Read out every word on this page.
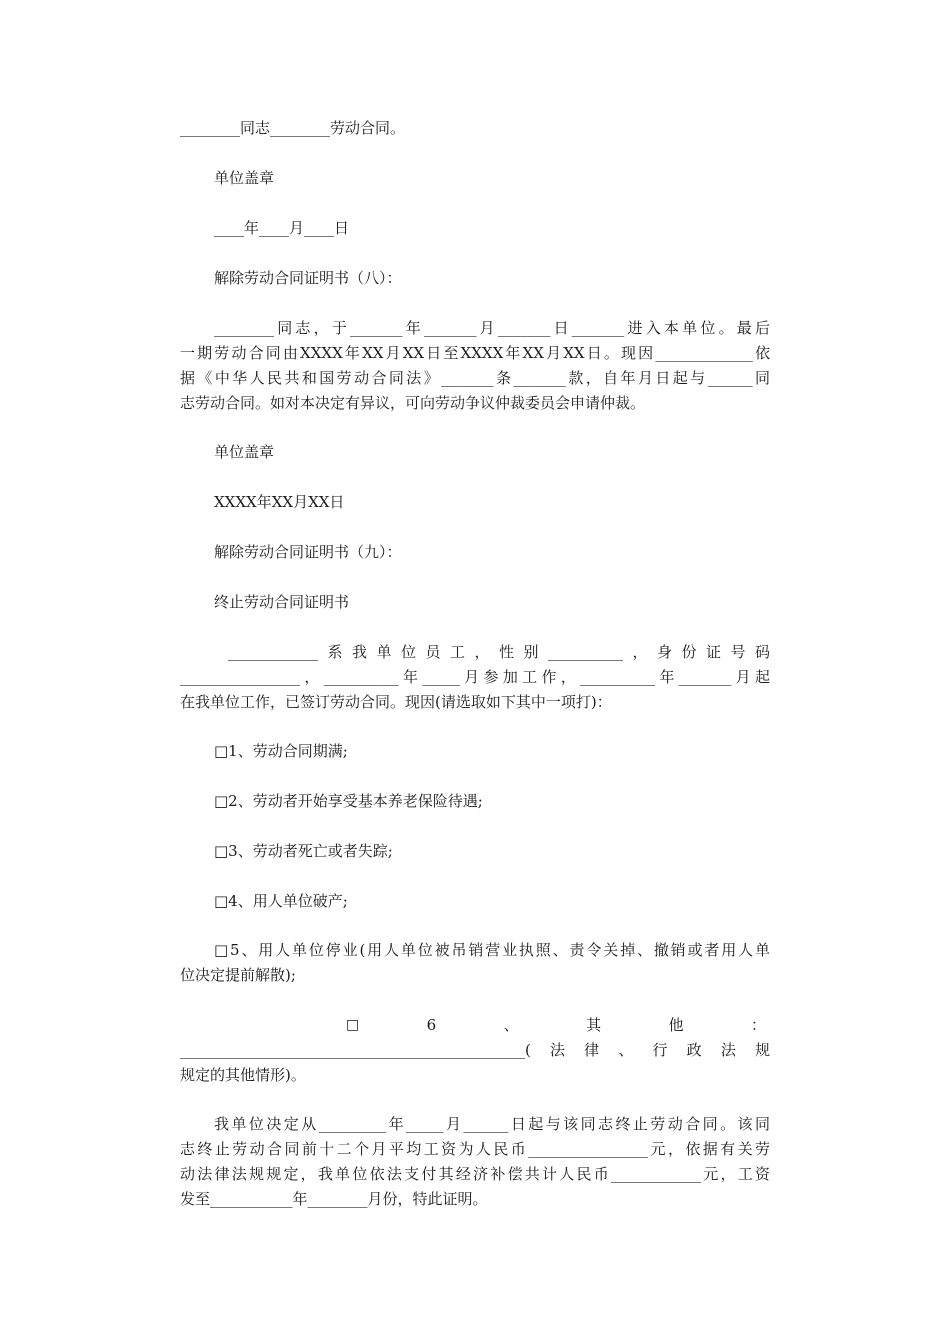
________同志________劳动合同。

单位盖章

____年____月____日

解除劳动合同证明书（八）：

________同志，于_______年_______月_______日_______进入本单位。最后

一期劳动合同由XXXX年XX月XX日至XXXX年XX月XX日。现因_____________依

据《中华人民共和国劳动合同法》_______条_______款，自年月日起与______同

志劳动合同。如对本决定有异议，可向劳动争议仲裁委员会申请仲裁。

单位盖章

XXXX年XX月XX日

解除劳动合同证明书（九）：

终止劳动合同证明书

____________系我单位员工，性别__________，身份证号码

________________，__________年_____月参加工作，__________年_______月起

在我单位工作，已签订劳动合同。现因(请选取如下其中一项打)：

□1、劳动合同期满;

□2、劳动者开始享受基本养老保险待遇;

□3、劳动者死亡或者失踪;

□4、用人单位破产;

□5、用人单位停业(用人单位被吊销营业执照、责令关掉、撤销或者用人单

位决定提前解散);

□	6	、	其	他	：

______________________________________________(法律、行政法规

规定的其他情形)。

我单位决定从_________年_____月______日起与该同志终止劳动合同。该同

志终止劳动合同前十二个月平均工资为人民币________________元，依据有关劳

动法律法规规定，我单位依法支付其经济补偿共计人民币____________元，工资

发至___________年________月份，特此证明。
